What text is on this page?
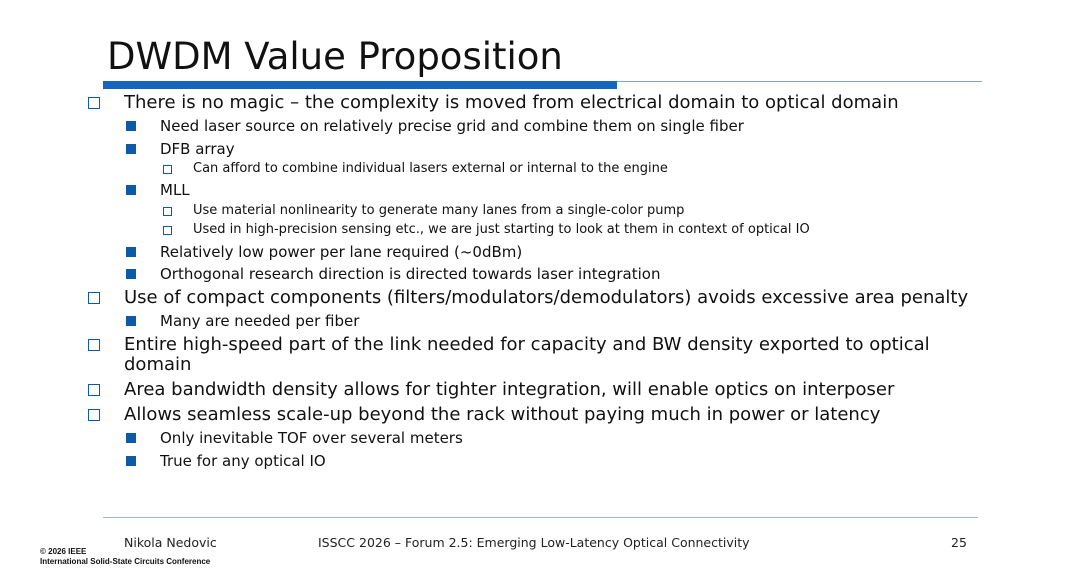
DWDM Value Proposition
There is no magic – the complexity is moved from electrical domain to optical domain
Need laser source on relatively precise grid and combine them on single fiber
DFB array
Can afford to combine individual lasers external or internal to the engine
MLL
Use material nonlinearity to generate many lanes from a single-color pump
Used in high-precision sensing etc., we are just starting to look at them in context of optical IO
Relatively low power per lane required (~0dBm)
Orthogonal research direction is directed towards laser integration
Use of compact components (filters/modulators/demodulators) avoids excessive area penalty
Many are needed per fiber
Entire high-speed part of the link needed for capacity and BW density exported to optical
domain
Area bandwidth density allows for tighter integration, will enable optics on interposer
Allows seamless scale-up beyond the rack without paying much in power or latency
Only inevitable TOF over several meters
True for any optical IO
Nikola Nedovic	ISSCC 2026 – Forum 2.5: Emerging Low-Latency Optical Connectivity	25
© 2026 IEEE
International Solid-State Circuits Conference
